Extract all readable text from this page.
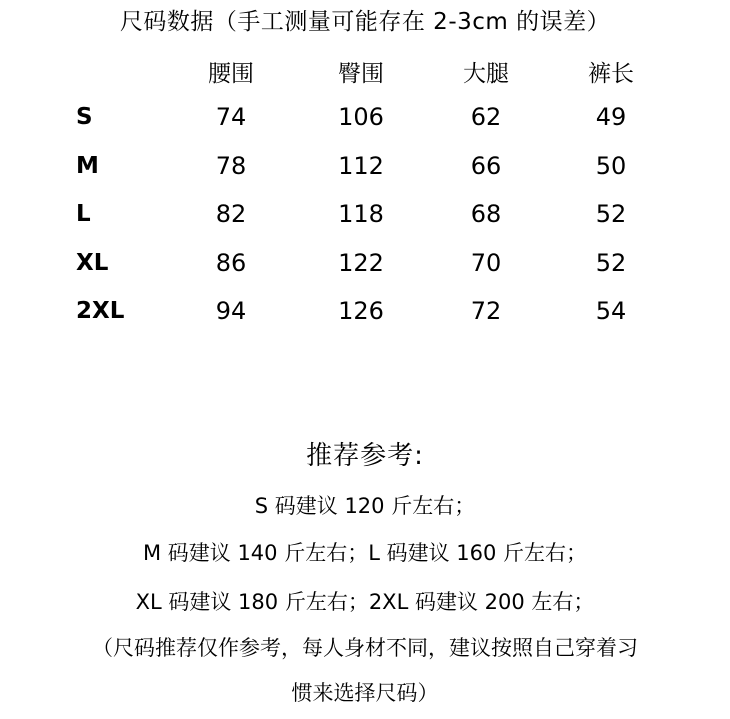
尺码数据（手工测量可能存在 2-3cm 的误差）
	腰围	臀围	大腿	裤长
S	74	106	62	49
M	78	112	66	50
L	82	118	68	52
XL	86	122	70	52
2XL	94	126	72	54
推荐参考:
S 码建议 120 斤左右；
M 码建议 140 斤左右；L 码建议 160 斤左右；
XL 码建议 180 斤左右；2XL 码建议 200 左右；
（尺码推荐仅作参考，每人身材不同，建议按照自己穿着习
惯来选择尺码）
